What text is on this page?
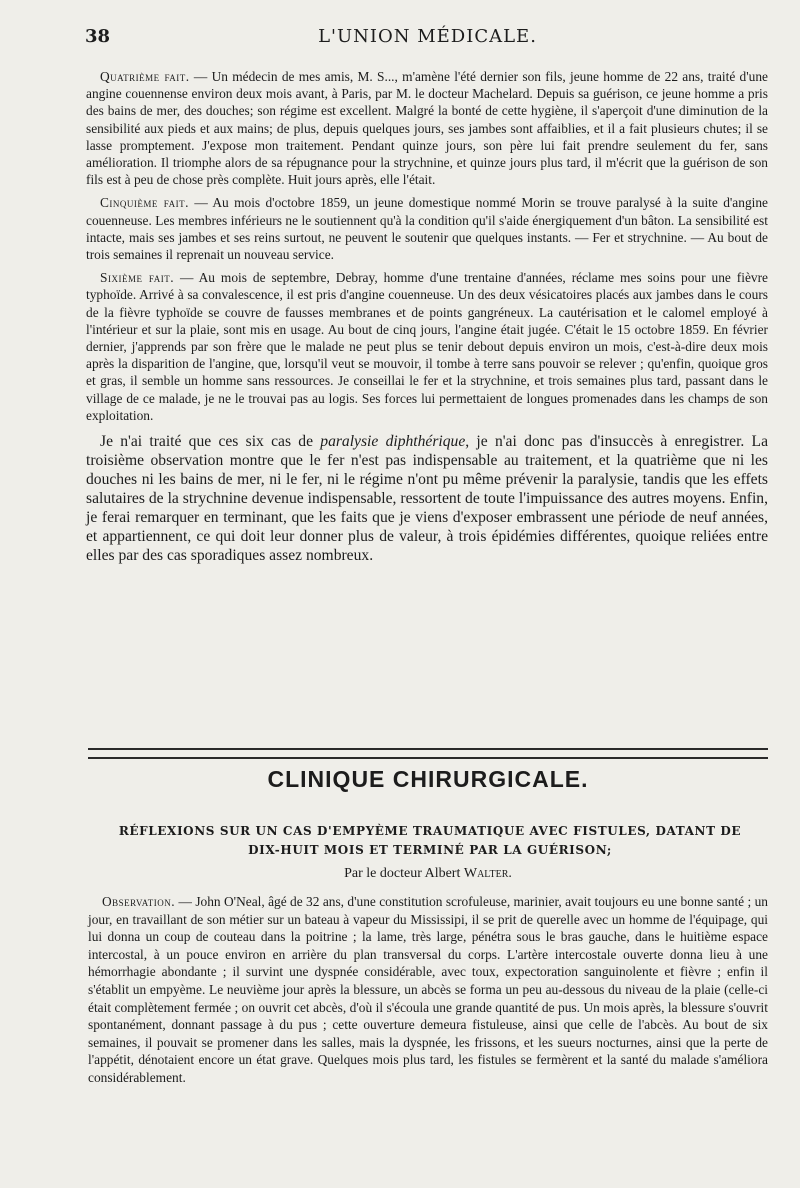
38	L'UNION MÉDICALE.

Quatrième fait. — Un médecin de mes amis, M. S..., m'amène l'été dernier son fils, jeune homme de 22 ans, traité d'une angine couennense environ deux mois avant, à Paris, par M. le docteur Machelard. Depuis sa guérison, ce jeune homme a pris des bains de mer, des douches; son régime est excellent. Malgré la bonté de cette hygiène, il s'aperçoit d'une diminution de la sensibilité aux pieds et aux mains; de plus, depuis quelques jours, ses jambes sont affaiblies, et il a fait plusieurs chutes; il se lasse promptement. J'expose mon traitement. Pendant quinze jours, son père lui fait prendre seulement du fer, sans amélioration. Il triomphe alors de sa répugnance pour la strychnine, et quinze jours plus tard, il m'écrit que la guérison de son fils est à peu de chose près complète. Huit jours après, elle l'était.

Cinquième fait. — Au mois d'octobre 1859, un jeune domestique nommé Morin se trouve paralysé à la suite d'angine couenneuse. Les membres inférieurs ne le soutiennent qu'à la condition qu'il s'aide énergiquement d'un bâton. La sensibilité est intacte, mais ses jambes et ses reins surtout, ne peuvent le soutenir que quelques instants. — Fer et strychnine. — Au bout de trois semaines il reprenait un nouveau service.

Sixième fait. — Au mois de septembre, Debray, homme d'une trentaine d'années, réclame mes soins pour une fièvre typhoïde. Arrivé à sa convalescence, il est pris d'angine couenneuse. Un des deux vésicatoires placés aux jambes dans le cours de la fièvre typhoïde se couvre de fausses membranes et de points gangréneux. La cautérisation et le calomel employé à l'intérieur et sur la plaie, sont mis en usage. Au bout de cinq jours, l'angine était jugée. C'était le 15 octobre 1859. En février dernier, j'apprends par son frère que le malade ne peut plus se tenir debout depuis environ un mois, c'est-à-dire deux mois après la disparition de l'angine, que, lorsqu'il veut se mouvoir, il tombe à terre sans pouvoir se relever ; qu'enfin, quoique gros et gras, il semble un homme sans ressources. Je conseillai le fer et la strychnine, et trois semaines plus tard, passant dans le village de ce malade, je ne le trouvai pas au logis. Ses forces lui permettaient de longues promenades dans les champs de son exploitation.

Je n'ai traité que ces six cas de paralysie diphthérique, je n'ai donc pas d'insuccès à enregistrer. La troisième observation montre que le fer n'est pas indispensable au traitement, et la quatrième que ni les douches ni les bains de mer, ni le fer, ni le régime n'ont pu même prévenir la paralysie, tandis que les effets salutaires de la strychnine devenue indispensable, ressortent de toute l'impuissance des autres moyens. Enfin, je ferai remarquer en terminant, que les faits que je viens d'exposer embrassent une période de neuf années, et appartiennent, ce qui doit leur donner plus de valeur, à trois épidémies différentes, quoique reliées entre elles par des cas sporadiques assez nombreux.

CLINIQUE CHIRURGICALE.
RÉFLEXIONS SUR UN CAS D'EMPYÈME TRAUMATIQUE AVEC FISTULES, DATANT DE DIX-HUIT MOIS ET TERMINÉ PAR LA GUÉRISON;
Par le docteur Albert Walter.

Observation. — John O'Neal, âgé de 32 ans, d'une constitution scrofuleuse, marinier, avait toujours eu une bonne santé ; un jour, en travaillant de son métier sur un bateau à vapeur du Mississipi, il se prit de querelle avec un homme de l'équipage, qui lui donna un coup de couteau dans la poitrine ; la lame, très large, pénétra sous le bras gauche, dans le huitième espace intercostal, à un pouce environ en arrière du plan transversal du corps. L'artère intercostale ouverte donna lieu à une hémorrhagie abondante ; il survint une dyspnée considérable, avec toux, expectoration sanguinolente et fièvre ; enfin il s'établit un empyème. Le neuvième jour après la blessure, un abcès se forma un peu au-dessous du niveau de la plaie (celle-ci était complètement fermée ; on ouvrit cet abcès, d'où il s'écoula une grande quantité de pus. Un mois après, la blessure s'ouvrit spontanément, donnant passage à du pus ; cette ouverture demeura fistuleuse, ainsi que celle de l'abcès. Au bout de six semaines, il pouvait se promener dans les salles, mais la dyspnée, les frissons, et les sueurs nocturnes, ainsi que la perte de l'appétit, dénotaient encore un état grave. Quelques mois plus tard, les fistules se fermèrent et la santé du malade s'améliora considérablement.
